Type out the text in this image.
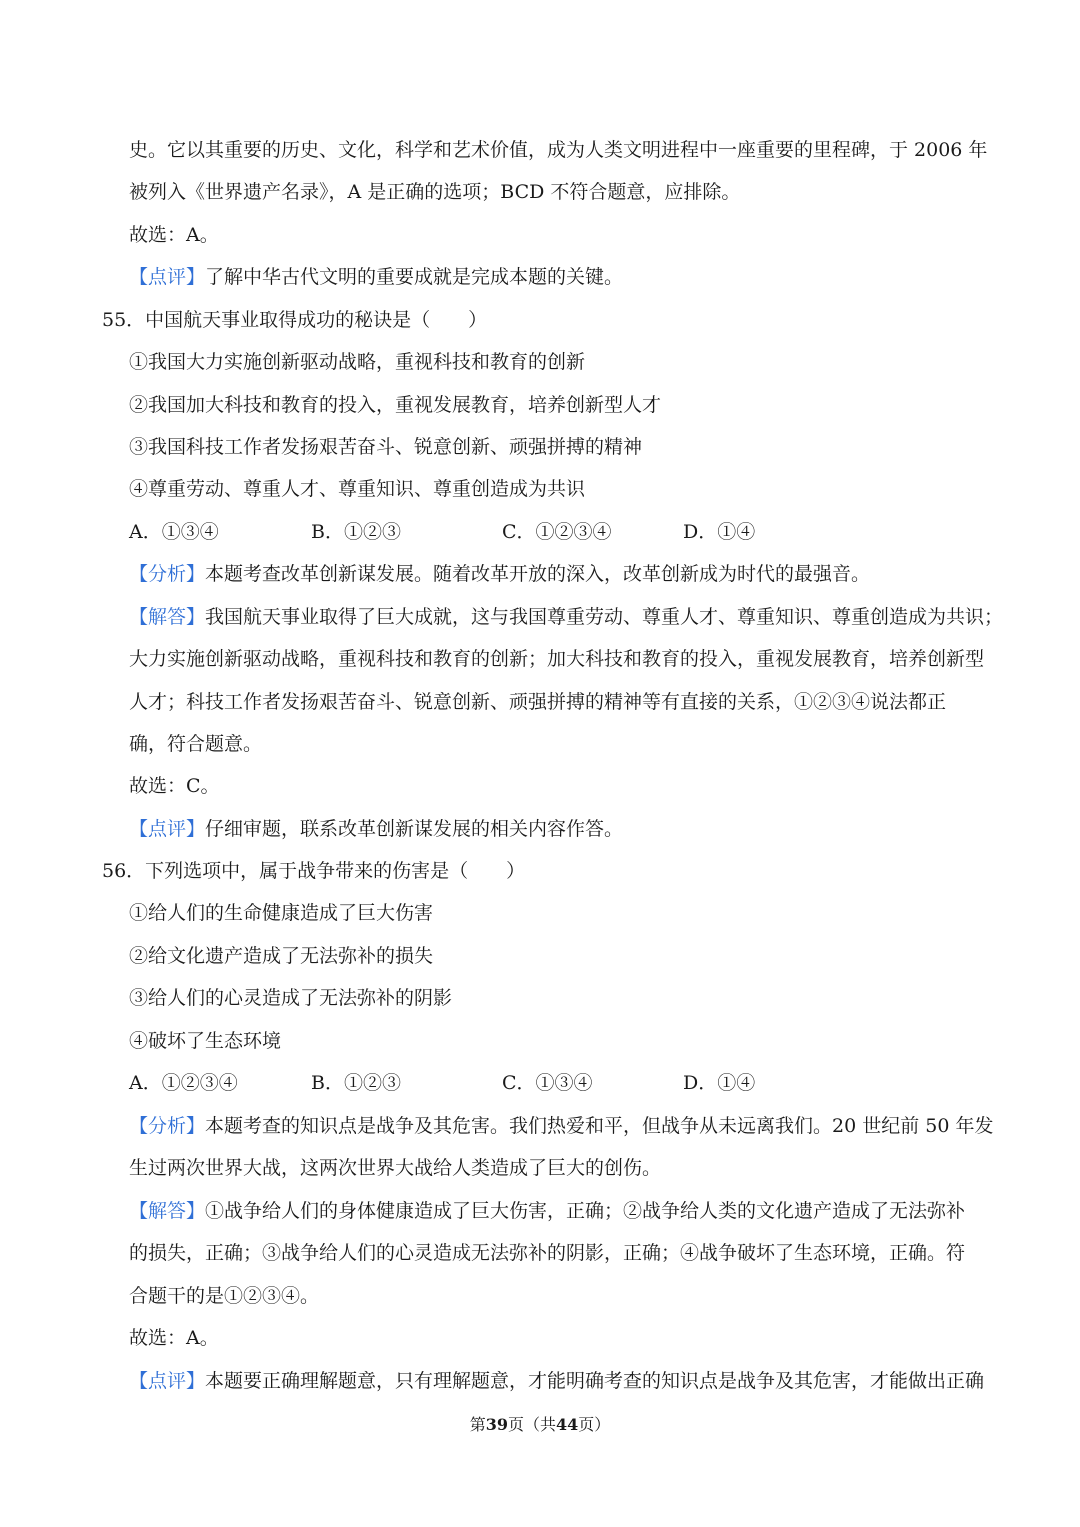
史。它以其重要的历史、文化，科学和艺术价值，成为人类文明进程中一座重要的里程碑，于 2006 年
被列入《世界遗产名录》，A 是正确的选项；BCD 不符合题意，应排除。
故选：A。
【点评】了解中华古代文明的重要成就是完成本题的关键。
55．中国航天事业取得成功的秘诀是（　　）
①我国大力实施创新驱动战略，重视科技和教育的创新
②我国加大科技和教育的投入，重视发展教育，培养创新型人才
③我国科技工作者发扬艰苦奋斗、锐意创新、顽强拼搏的精神
④尊重劳动、尊重人才、尊重知识、尊重创造成为共识
A．①③④	B．①②③	C．①②③④	D．①④
【分析】本题考查改革创新谋发展。随着改革开放的深入，改革创新成为时代的最强音。
【解答】我国航天事业取得了巨大成就，这与我国尊重劳动、尊重人才、尊重知识、尊重创造成为共识；
大力实施创新驱动战略，重视科技和教育的创新；加大科技和教育的投入，重视发展教育，培养创新型
人才；科技工作者发扬艰苦奋斗、锐意创新、顽强拼搏的精神等有直接的关系，①②③④说法都正
确，符合题意。
故选：C。
【点评】仔细审题，联系改革创新谋发展的相关内容作答。
56．下列选项中，属于战争带来的伤害是（　　）
①给人们的生命健康造成了巨大伤害
②给文化遗产造成了无法弥补的损失
③给人们的心灵造成了无法弥补的阴影
④破坏了生态环境
A．①②③④	B．①②③	C．①③④	D．①④
【分析】本题考查的知识点是战争及其危害。我们热爱和平，但战争从未远离我们。20 世纪前 50 年发
生过两次世界大战，这两次世界大战给人类造成了巨大的创伤。
【解答】①战争给人们的身体健康造成了巨大伤害，正确；②战争给人类的文化遗产造成了无法弥补
的损失，正确；③战争给人们的心灵造成无法弥补的阴影，正确；④战争破坏了生态环境，正确。符
合题干的是①②③④。
故选：A。
【点评】本题要正确理解题意，只有理解题意，才能明确考查的知识点是战争及其危害，才能做出正确
第39页（共44页）
